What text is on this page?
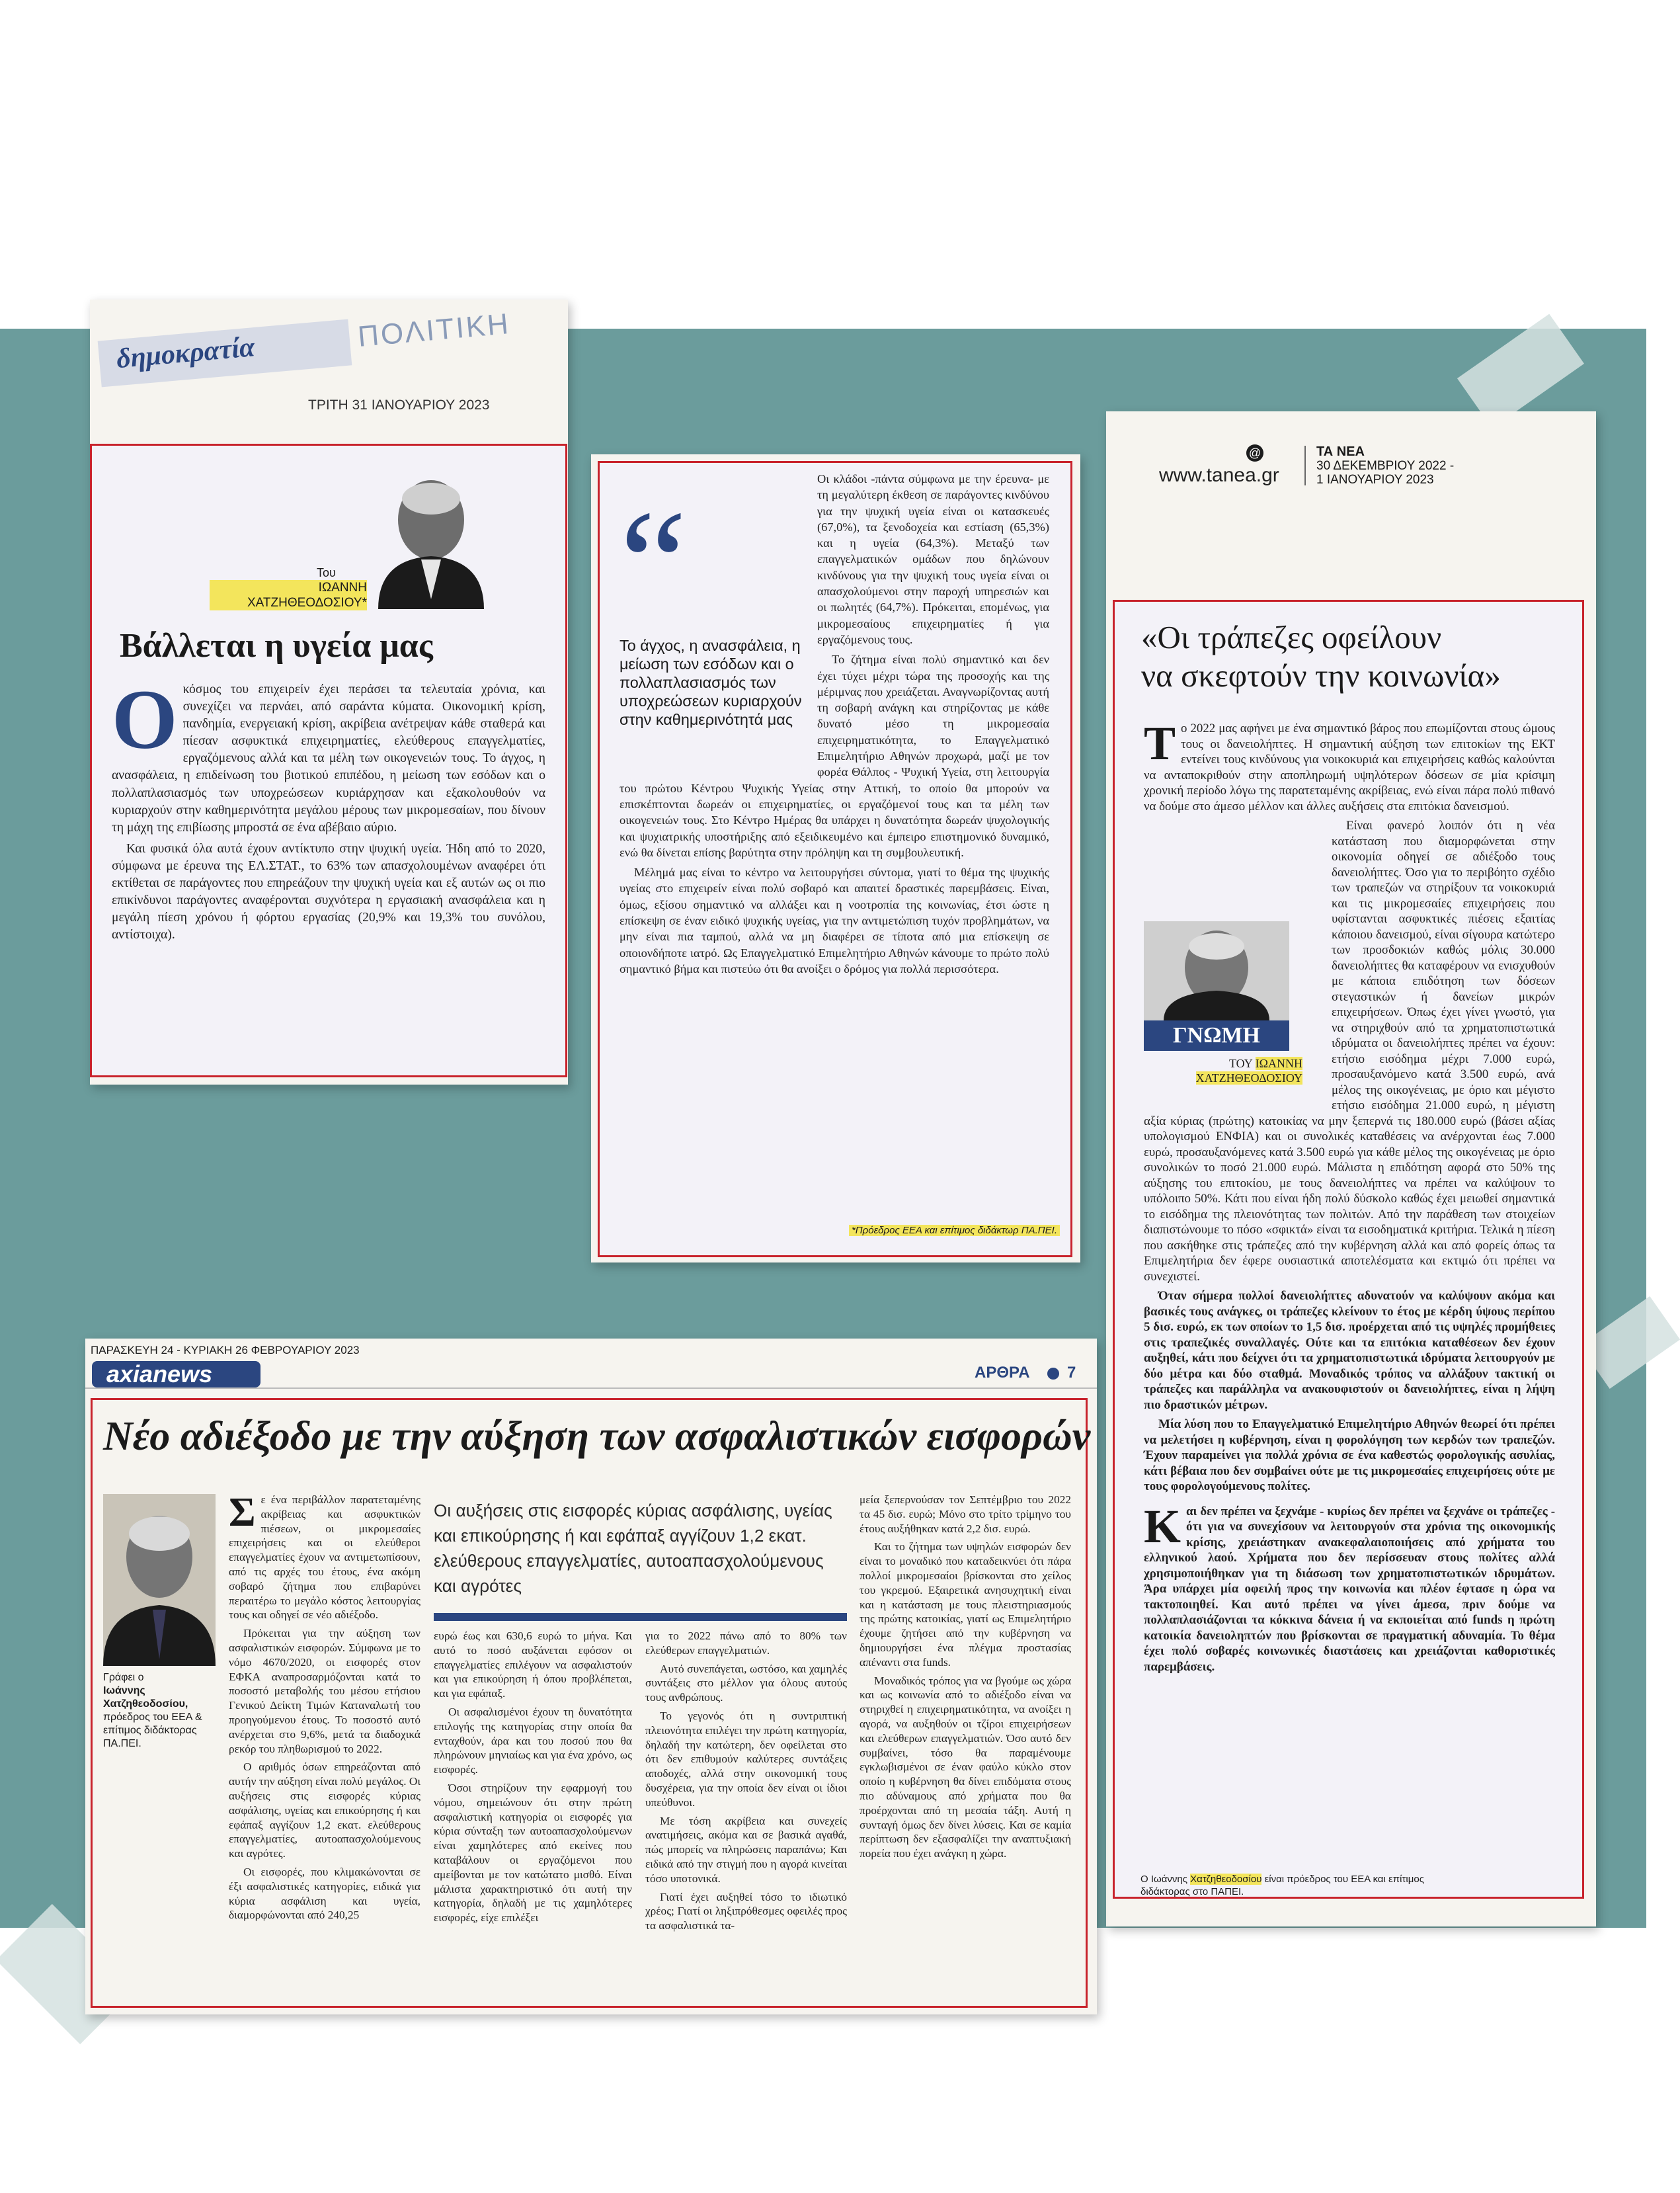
δημοκρατία
ΠΟΛΙΤΙΚΗ
ΤΡΙΤΗ 31 ΙΑΝΟΥΑΡΙΟΥ 2023
Του
ΙΩΑΝΝΗ ΧΑΤΖΗΘΕΟΔΟΣΙΟΥ*
Βάλλεται η υγεία μας
Ο κόσμος του επιχειρείν έχει περάσει τα τελευταία χρόνια, και συνεχίζει να περνάει, από σαράντα κύματα. Οικονομική κρίση, πανδημία, ενεργειακή κρίση, ακρίβεια ανέτρεψαν κάθε σταθερά και πίεσαν ασφυκτικά επιχειρηματίες, ελεύθερους επαγγελματίες, εργαζόμενους αλλά και τα μέλη των οικογενειών τους. Το άγχος, η ανασφάλεια, η επιδείνωση του βιοτικού επιπέδου, η μείωση των εσόδων και ο πολλαπλασιασμός των υποχρεώσεων κυριάρχησαν και εξακολουθούν να κυριαρχούν στην καθημερινότητα μεγάλου μέρους των μικρομεσαίων, που δίνουν τη μάχη της επιβίωσης μπροστά σε ένα αβέβαιο αύριο.

Και φυσικά όλα αυτά έχουν αντίκτυπο στην ψυχική υγεία. Ήδη από το 2020, σύμφωνα με έρευνα της ΕΛ.ΣΤΑΤ., το 63% των απασχολουμένων αναφέρει ότι εκτίθεται σε παράγοντες που επηρεάζουν την ψυχική υγεία και εξ αυτών ως οι πιο επικίνδυνοι παράγοντες αναφέρονται συχνότερα η εργασιακή ανασφάλεια και η μεγάλη πίεση χρόνου ή φόρτου εργασίας (20,9% και 19,3% του συνόλου, αντίστοιχα).

“
Το άγχος, η ανασφάλεια, η μείωση των εσόδων και ο πολλαπλασιασμός των υποχρεώσεων κυριαρχούν στην καθημερινότητά μας

Οι κλάδοι -πάντα σύμφωνα με την έρευνα- με τη μεγαλύτερη έκθεση σε παράγοντες κινδύνου για την ψυχική υγεία είναι οι κατασκευές (67,0%), τα ξενοδοχεία και εστίαση (65,3%) και η υγεία (64,3%). Μεταξύ των επαγγελματικών ομάδων που δηλώνουν κινδύνους για την ψυχική τους υγεία είναι οι απασχολούμενοι στην παροχή υπηρεσιών και οι πωλητές (64,7%). Πρόκειται, επομένως, για μικρομεσαίους επιχειρηματίες ή για εργαζόμενους τους.

Το ζήτημα είναι πολύ σημαντικό και δεν έχει τύχει μέχρι τώρα της προσοχής και της μέριμνας που χρειάζεται. Αναγνωρίζοντας αυτή τη σοβαρή ανάγκη και στηρίζοντας με κάθε δυνατό μέσο τη μικρομεσαία επιχειρηματικότητα, το Επαγγελματικό Επιμελητήριο Αθηνών προχωρά, μαζί με τον φορέα Θάλπος - Ψυχική Υγεία, στη λειτουργία του πρώτου Κέντρου Ψυχικής Υγείας στην Αττική, το οποίο θα μπορούν να επισκέπτονται δωρεάν οι επιχειρηματίες, οι εργαζόμενοί τους και τα μέλη των οικογενειών τους. Στο Κέντρο Ημέρας θα υπάρχει η δυνατότητα δωρεάν ψυχολογικής και ψυχιατρικής υποστήριξης από εξειδικευμένο και έμπειρο επιστημονικό δυναμικό, ενώ θα δίνεται επίσης βαρύτητα στην πρόληψη και τη συμβουλευτική.

Μέλημά μας είναι το κέντρο να λειτουργήσει σύντομα, γιατί το θέμα της ψυχικής υγείας στο επιχειρείν είναι πολύ σοβαρό και απαιτεί δραστικές παρεμβάσεις. Είναι, όμως, εξίσου σημαντικό να αλλάξει και η νοοτροπία της κοινωνίας, έτσι ώστε η επίσκεψη σε έναν ειδικό ψυχικής υγείας, για την αντιμετώπιση τυχόν προβλημάτων, να μην είναι πια ταμπού, αλλά να μη διαφέρει σε τίποτα από μια επίσκεψη σε οποιονδήποτε ιατρό. Ως Επαγγελματικό Επιμελητήριο Αθηνών κάνουμε το πρώτο πολύ σημαντικό βήμα και πιστεύω ότι θα ανοίξει ο δρόμος για πολλά περισσότερα.

*Πρόεδρος ΕΕΑ και επίτιμος διδάκτωρ ΠΑ.ΠΕΙ.
@
www.tanea.gr
ΤΑ ΝΕΑ
30 ΔΕΚΕΜΒΡΙΟΥ 2022 -
1 ΙΑΝΟΥΑΡΙΟΥ 2023
«Οι τράπεζες οφείλουν
να σκεφτούν την κοινωνία»
Τ ο 2022 μας αφήνει με ένα σημαντικό βάρος που επωμίζονται στους ώμους τους οι δανειολήπτες. Η σημαντική αύξηση των επιτοκίων της ΕΚΤ εντείνει τους κινδύνους για νοικοκυριά και επιχειρήσεις καθώς καλούνται να ανταποκριθούν στην αποπληρωμή υψηλότερων δόσεων σε μία κρίσιμη χρονική περίοδο λόγω της παρατεταμένης ακρίβειας, ενώ είναι πάρα πολύ πιθανό να δούμε στο άμεσο μέλλον και άλλες αυξήσεις στα επιτόκια δανεισμού.

ΓΝΩΜΗ
ΤΟΥ ΙΩΑΝΝΗ
ΧΑΤΖΗΘΕΟΔΟΣΙΟΥ

Είναι φανερό λοιπόν ότι η νέα κατάσταση που διαμορφώνεται στην οικονομία οδηγεί σε αδιέξοδο τους δανειολήπτες. Όσο για το περιβόητο σχέδιο των τραπεζών να στηρίξουν τα νοικοκυριά και τις μικρομεσαίες επιχειρήσεις που υφίστανται ασφυκτικές πιέσεις εξαιτίας κάποιου δανεισμού, είναι σίγουρα κατώτερο των προσδοκιών καθώς μόλις 30.000 δανειολήπτες θα καταφέρουν να ενισχυθούν με κάποια επιδότηση των δόσεων στεγαστικών ή δανείων μικρών επιχειρήσεων. Όπως έχει γίνει γνωστό, για να στηριχθούν από τα χρηματοπιστωτικά ιδρύματα οι δανειολήπτες πρέπει να έχουν: ετήσιο εισόδημα μέχρι 7.000 ευρώ, προσαυξανόμενο κατά 3.500 ευρώ, ανά μέλος της οικογένειας, με όριο και μέγιστο ετήσιο εισόδημα 21.000 ευρώ, η μέγιστη αξία κύριας (πρώτης) κατοικίας να μην ξεπερνά τις 180.000 ευρώ (βάσει αξίας υπολογισμού ΕΝΦΙΑ) και οι συνολικές καταθέσεις να ανέρχονται έως 7.000 ευρώ, προσαυξανόμενες κατά 3.500 ευρώ για κάθε μέλος της οικογένειας με όριο συνολικών το ποσό 21.000 ευρώ. Μάλιστα η επιδότηση αφορά στο 50% της αύξησης του επιτοκίου, με τους δανειολήπτες να πρέπει να καλύψουν το υπόλοιπο 50%. Κάτι που είναι ήδη πολύ δύσκολο καθώς έχει μειωθεί σημαντικά το εισόδημα της πλειονότητας των πολιτών. Από την παράθεση των στοιχείων διαπιστώνουμε το πόσο «σφικτά» είναι τα εισοδηματικά κριτήρια. Τελικά η πίεση που ασκήθηκε στις τράπεζες από την κυβέρνηση αλλά και από φορείς όπως τα Επιμελητήρια δεν έφερε ουσιαστικά αποτελέσματα και εκτιμώ ότι πρέπει να συνεχιστεί.

Όταν σήμερα πολλοί δανειολήπτες αδυνατούν να καλύψουν ακόμα και βασικές τους ανάγκες, οι τράπεζες κλείνουν το έτος με κέρδη ύψους περίπου 5 δισ. ευρώ, εκ των οποίων το 1,5 δισ. προέρχεται από τις υψηλές προμήθειες στις τραπεζικές συναλλαγές. Ούτε και τα επιτόκια καταθέσεων δεν έχουν αυξηθεί, κάτι που δείχνει ότι τα χρηματοπιστωτικά ιδρύματα λειτουργούν με δύο μέτρα και δύο σταθμά. Μοναδικός τρόπος να αλλάξουν τακτική οι τράπεζες και παράλληλα να ανακουφιστούν οι δανειολήπτες, είναι η λήψη πιο δραστικών μέτρων.

Μία λύση που το Επαγγελματικό Επιμελητήριο Αθηνών θεωρεί ότι πρέπει να μελετήσει η κυβέρνηση, είναι η φορολόγηση των κερδών των τραπεζών. Έχουν παραμείνει για πολλά χρόνια σε ένα καθεστώς φορολογικής ασυλίας, κάτι βέβαια που δεν συμβαίνει ούτε με τις μικρομεσαίες επιχειρήσεις ούτε με τους φορολογούμενους πολίτες.

Και δεν πρέπει να ξεχνάμε - κυρίως δεν πρέπει να ξεχνάνε οι τράπεζες - ότι για να συνεχίσουν να λειτουργούν στα χρόνια της οικονομικής κρίσης, χρειάστηκαν ανακεφαλαιοποιήσεις από χρήματα του ελληνικού λαού. Χρήματα που δεν περίσσευαν στους πολίτες αλλά χρησιμοποιήθηκαν για τη διάσωση των χρηματοπιστωτικών ιδρυμάτων. Άρα υπάρχει μία οφειλή προς την κοινωνία και πλέον έφτασε η ώρα να τακτοποιηθεί. Και αυτό πρέπει να γίνει άμεσα, πριν δούμε να πολλαπλασιάζονται τα κόκκινα δάνεια ή να εκποιείται από funds η πρώτη κατοικία δανειοληπτών που βρίσκονται σε πραγματική αδυναμία. Το θέμα έχει πολύ σοβαρές κοινωνικές διαστάσεις και χρειάζονται καθοριστικές παρεμβάσεις.

Ο Ιωάννης Χατζηθεοδοσίου είναι πρόεδρος του ΕΕΑ και επίτιμος διδάκτορας στο ΠΑΠΕΙ.
ΠΑΡΑΣΚΕΥΗ 24 - ΚΥΡΙΑΚΗ 26 ΦΕΒΡΟΥΑΡΙΟΥ 2023
axianews	ΑΡΘΡΑ 7
Νέο αδιέξοδο με την αύξηση των ασφαλιστικών εισφορών
Γράφει ο
Ιωάννης Χατζηθεοδοσίου,
πρόεδρος του ΕΕΑ & επίτιμος διδάκτορας ΠΑ.ΠΕΙ.
Σ ε ένα περιβάλλον παρατεταμένης ακρίβειας και ασφυκτικών πιέσεων, οι μικρομεσαίες επιχειρήσεις και οι ελεύθεροι επαγγελματίες έχουν να αντιμετωπίσουν, από τις αρχές του έτους, ένα ακόμη σοβαρό ζήτημα που επιβαρύνει περαιτέρω το μεγάλο κόστος λειτουργίας τους και οδηγεί σε νέο αδιέξοδο.

Πρόκειται για την αύξηση των ασφαλιστικών εισφορών. Σύμφωνα με το νόμο 4670/2020, οι εισφορές στον ΕΦΚΑ αναπροσαρμόζονται κατά το ποσοστό μεταβολής του μέσου ετήσιου Γενικού Δείκτη Τιμών Καταναλωτή του προηγούμενου έτους. Το ποσοστό αυτό ανέρχεται στο 9,6%, μετά τα διαδοχικά ρεκόρ του πληθωρισμού το 2022.

Ο αριθμός όσων επηρεάζονται από αυτήν την αύξηση είναι πολύ μεγάλος. Οι αυξήσεις στις εισφορές κύριας ασφάλισης, υγείας και επικούρησης ή και εφάπαξ αγγίζουν 1,2 εκατ. ελεύθερους επαγγελματίες, αυτοαπασχολούμενους και αγρότες.

Οι εισφορές, που κλιμακώνονται σε έξι ασφαλιστικές κατηγορίες, ειδικά για κύρια ασφάλιση και υγεία, διαμορφώνονται από 240,25

Οι αυξήσεις στις εισφορές κύριας ασφάλισης, υγείας και επικούρησης ή και εφάπαξ αγγίζουν 1,2 εκατ. ελεύθερους επαγγελματίες, αυτοαπασχολούμενους και αγρότες

ευρώ έως και 630,6 ευρώ το μήνα. Και αυτό το ποσό αυξάνεται εφόσον οι επαγγελματίες επιλέγουν να ασφαλιστούν και για επικούρηση ή όπου προβλέπεται, και για εφάπαξ.

Οι ασφαλισμένοι έχουν τη δυνατότητα επιλογής της κατηγορίας στην οποία θα ενταχθούν, άρα και του ποσού που θα πληρώνουν μηνιαίως και για ένα χρόνο, ως εισφορές.

Όσοι στηρίζουν την εφαρμογή του νόμου, σημειώνουν ότι στην πρώτη ασφαλιστική κατηγορία οι εισφορές για κύρια σύνταξη των αυτοαπασχολούμενων είναι χαμηλότερες από εκείνες που καταβάλουν οι εργαζόμενοι που αμείβονται με τον κατώτατο μισθό. Είναι μάλιστα χαρακτηριστικό ότι αυτή την κατηγορία, δηλαδή με τις χαμηλότερες εισφορές, είχε επιλέξει

για το 2022 πάνω από το 80% των ελεύθερων επαγγελματιών.

Αυτό συνεπάγεται, ωστόσο, και χαμηλές συντάξεις στο μέλλον για όλους αυτούς τους ανθρώπους.

Το γεγονός ότι η συντριπτική πλειονότητα επιλέγει την πρώτη κατηγορία, δηλαδή την κατώτερη, δεν οφείλεται στο ότι δεν επιθυμούν καλύτερες συντάξεις αποδοχές, αλλά στην οικονομική τους δυσχέρεια, για την οποία δεν είναι οι ίδιοι υπεύθυνοι.

Με τόση ακρίβεια και συνεχείς ανατιμήσεις, ακόμα και σε βασικά αγαθά, πώς μπορείς να πληρώσεις παραπάνω; Και ειδικά από την στιγμή που η αγορά κινείται τόσο υποτονικά.

Γιατί έχει αυξηθεί τόσο το ιδιωτικό χρέος; Γιατί οι ληξιπρόθεσμες οφειλές προς τα ασφαλιστικά τα-

μεία ξεπερνούσαν τον Σεπτέμβριο του 2022 τα 45 δισ. ευρώ; Μόνο στο τρίτο τρίμηνο του έτους αυξήθηκαν κατά 2,2 δισ. ευρώ.

Και το ζήτημα των υψηλών εισφορών δεν είναι το μοναδικό που καταδεικνύει ότι πάρα πολλοί μικρομεσαίοι βρίσκονται στο χείλος του γκρεμού. Εξαιρετικά ανησυχητική είναι και η κατάσταση με τους πλειστηριασμούς της πρώτης κατοικίας, γιατί ως Επιμελητήριο έχουμε ζητήσει από την κυβέρνηση να δημιουργήσει ένα πλέγμα προστασίας απέναντι στα funds.

Μοναδικός τρόπος για να βγούμε ως χώρα και ως κοινωνία από το αδιέξοδο είναι να στηριχθεί η επιχειρηματικότητα, να ανοίξει η αγορά, να αυξηθούν οι τζίροι επιχειρήσεων και ελεύθερων επαγγελματιών. Όσο αυτό δεν συμβαίνει, τόσο θα παραμένουμε εγκλωβισμένοι σε έναν φαύλο κύκλο στον οποίο η κυβέρνηση θα δίνει επιδόματα στους πιο αδύναμους από χρήματα που θα προέρχονται από τη μεσαία τάξη. Αυτή η συνταγή όμως δεν δίνει λύσεις. Και σε καμία περίπτωση δεν εξασφαλίζει την αναπτυξιακή πορεία που έχει ανάγκη η χώρα.
